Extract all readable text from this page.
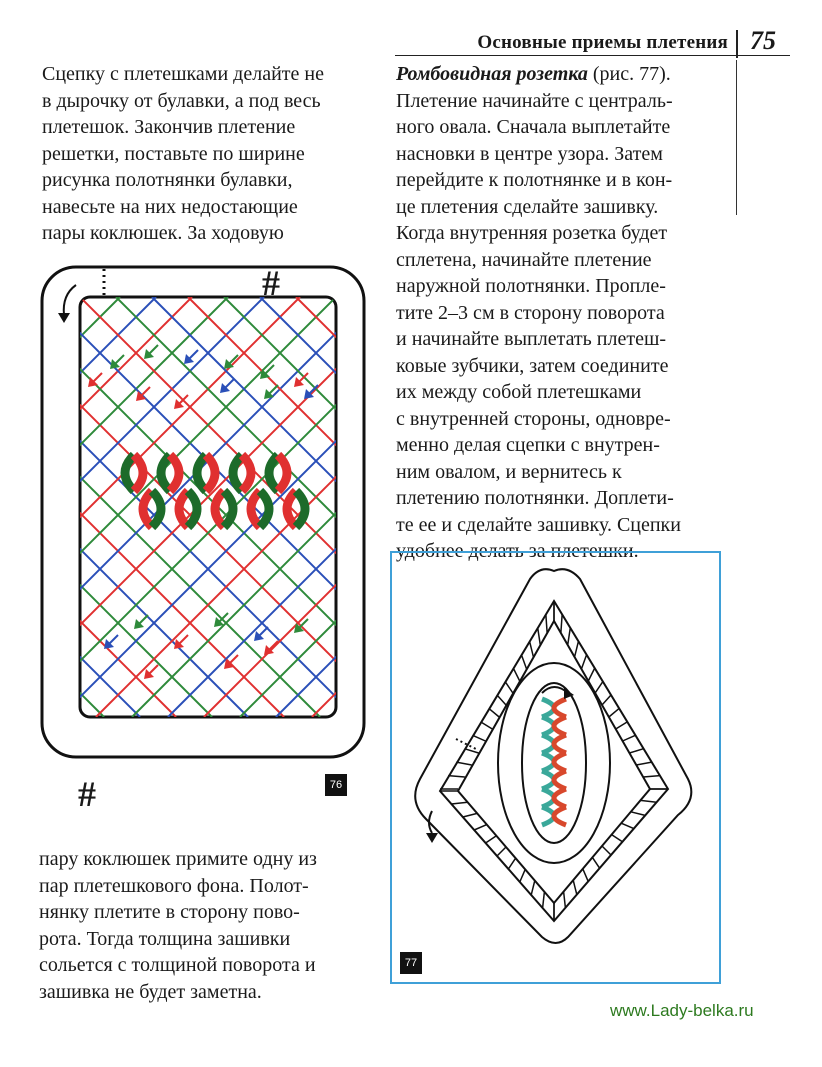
Основные приемы плетения 75

Сцепку с плетешками делайте не
в дырочку от булавки, а под весь
плетешок. Закончив плетение
решетки, поставьте по ширине
рисунка полотнянки булавки,
навесьте на них недостающие
пары коклюшек. За ходовую

Ромбовидная розетка (рис. 77).
Плетение начинайте с централь-
ного овала. Сначала выплетайте
насновки в центре узора. Затем
перейдите к полотнянке и в кон-
це плетения сделайте зашивку.
Когда внутренняя розетка будет
сплетена, начинайте плетение
наружной полотнянки. Пропле-
тите 2–3 см в сторону поворота
и начинайте выплетать плетеш-
ковые зубчики, затем соедините
их между собой плетешками
с внутренней стороны, одновре-
менно делая сцепки с внутрен-
ним овалом, и вернитесь к
плетению полотнянки. Доплети-
те ее и сделайте зашивку. Сцепки
удобнее делать за плетешки.

#
#	76

пару коклюшек примите одну из
пар плетешкового фона. Полот-
нянку плетите в сторону пово-
рота. Тогда толщина зашивки
сольется с толщиной поворота и
зашивка не будет заметна.

77
www.Lady-belka.ru
